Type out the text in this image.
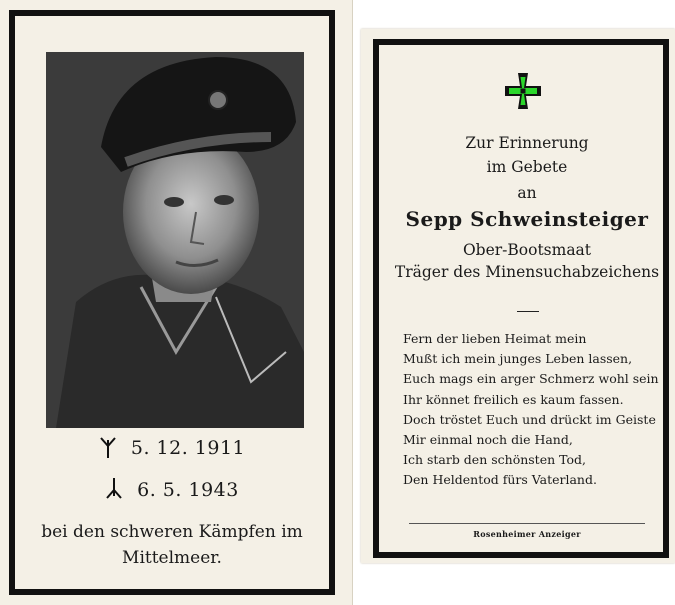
5. 12. 1911
6. 5. 1943
bei den schweren Kämpfen im
Mittelmeer.
Zur Erinnerung
im Gebete
an
Sepp Schweinsteiger
Ober-Bootsmaat
Träger des Minensuchabzeichens
Fern der lieben Heimat mein
Mußt ich mein junges Leben lassen,
Euch mags ein arger Schmerz wohl sein
Ihr könnet freilich es kaum fassen.
Doch tröstet Euch und drückt im Geiste
Mir einmal noch die Hand,
Ich starb den schönsten Tod,
Den Heldentod fürs Vaterland.
Rosenheimer Anzeiger
